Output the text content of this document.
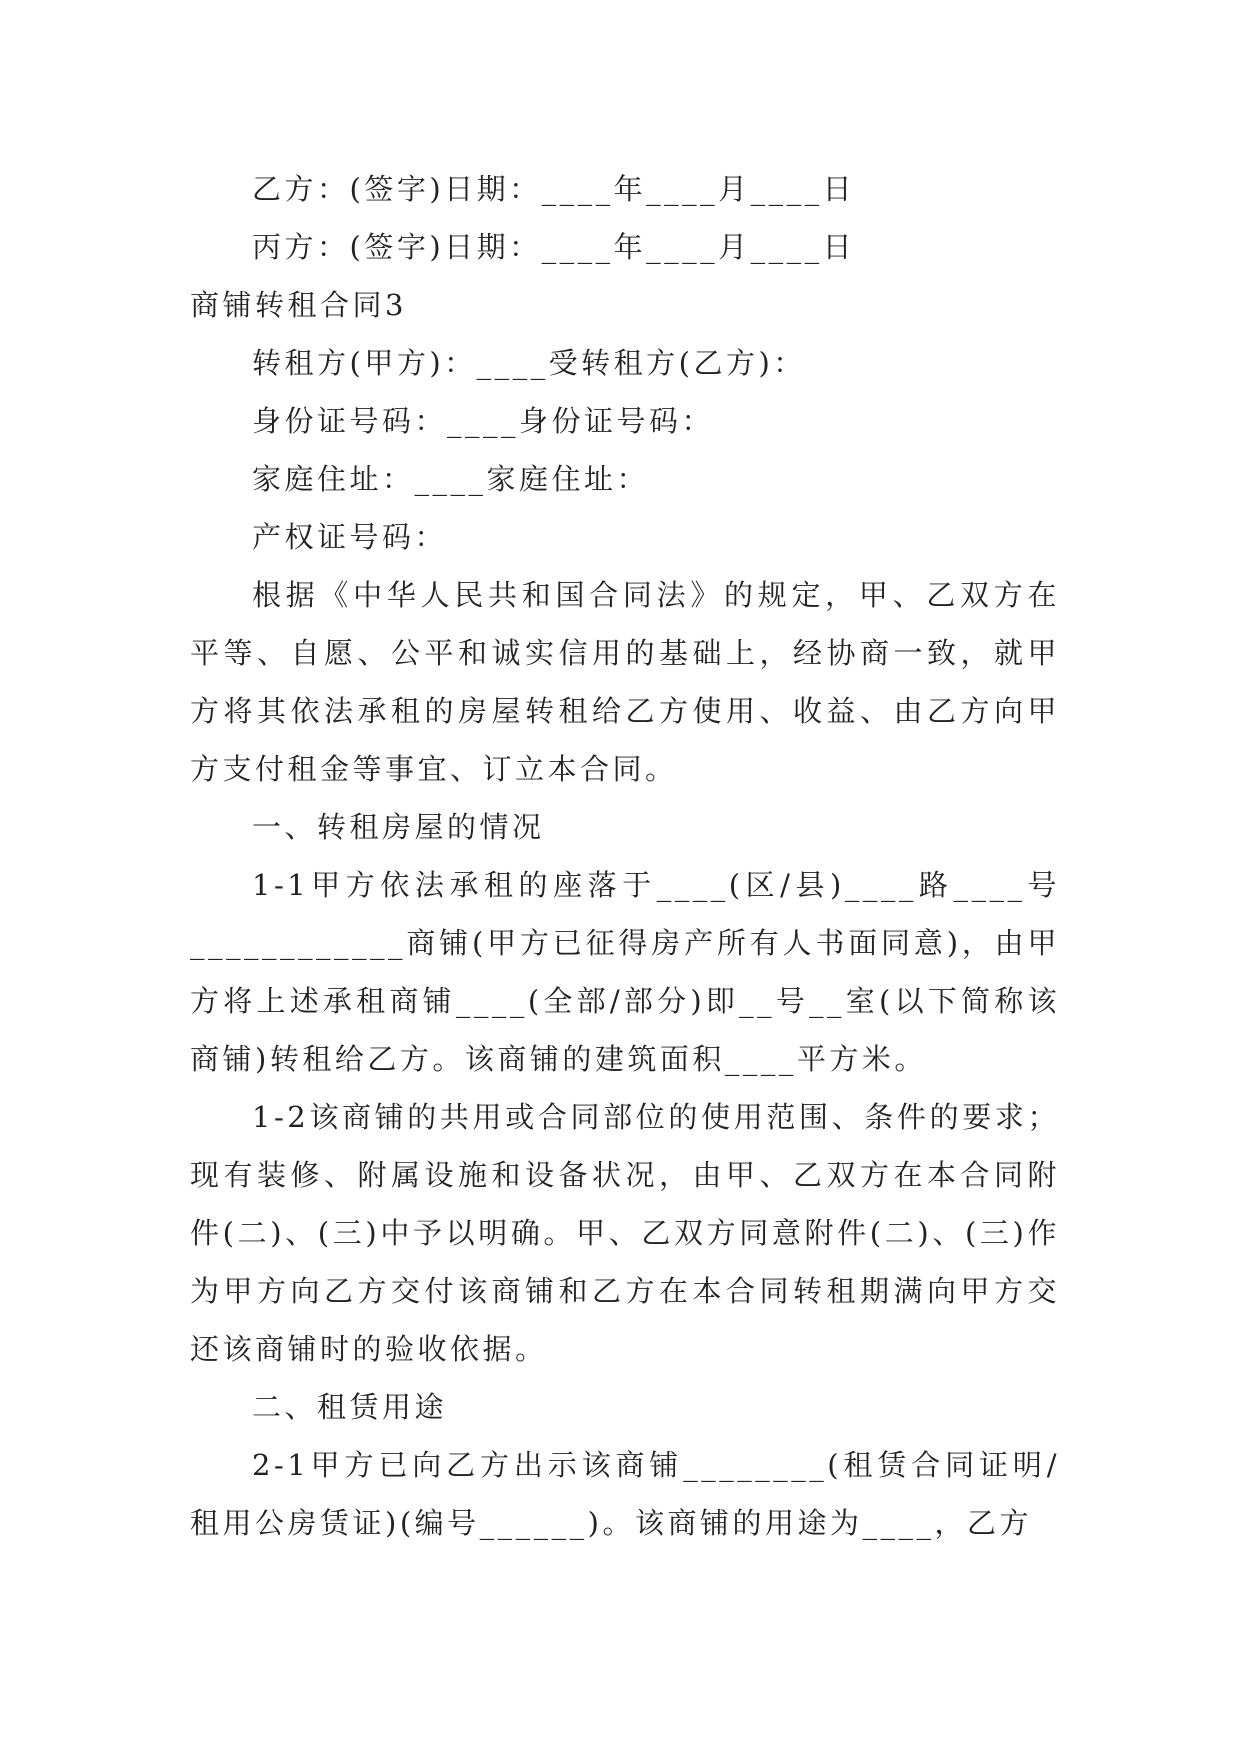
乙方：(签字)日期：____年____月____日

丙方：(签字)日期：____年____月____日

商铺转租合同3

转租方(甲方)：____受转租方(乙方)：

身份证号码：____身份证号码：

家庭住址：____家庭住址：

产权证号码：

根据《中华人民共和国合同法》的规定，甲、乙双方在平等、自愿、公平和诚实信用的基础上，经协商一致，就甲方将其依法承租的房屋转租给乙方使用、收益、由乙方向甲方支付租金等事宜、订立本合同。

一、转租房屋的情况

1-1甲方依法承租的座落于____(区/县)____路____号____________商铺(甲方已征得房产所有人书面同意)，由甲方将上述承租商铺____(全部/部分)即__号__室(以下简称该商铺)转租给乙方。该商铺的建筑面积____平方米。

1-2该商铺的共用或合同部位的使用范围、条件的要求；现有装修、附属设施和设备状况，由甲、乙双方在本合同附件(二)、(三)中予以明确。甲、乙双方同意附件(二)、(三)作为甲方向乙方交付该商铺和乙方在本合同转租期满向甲方交还该商铺时的验收依据。

二、租赁用途

2-1甲方已向乙方出示该商铺________(租赁合同证明/租用公房赁证)(编号______)。该商铺的用途为____，乙方
